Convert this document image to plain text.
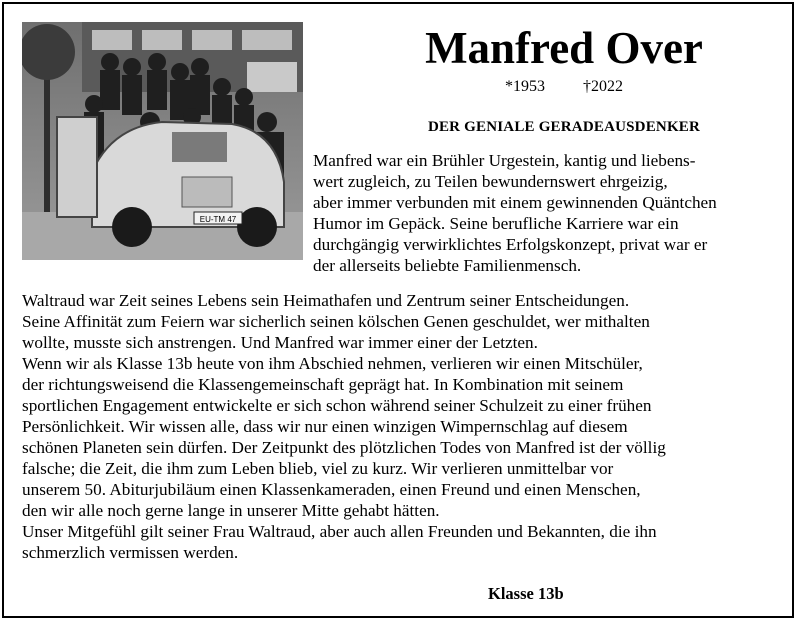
EU-TM 47
Manfred Over
*1953 †2022
DER GENIALE GERADEAUSDENKER
Manfred war ein Brühler Urgestein, kantig und liebens-
wert zugleich, zu Teilen bewundernswert ehrgeizig,
aber immer verbunden mit einem gewinnenden Quäntchen
Humor im Gepäck. Seine berufliche Karriere war ein
durchgängig verwirklichtes Erfolgskonzept, privat war er
der allerseits beliebte Familienmensch.
Waltraud war Zeit seines Lebens sein Heimathafen und Zentrum seiner Entscheidungen.
Seine Affinität zum Feiern war sicherlich seinen kölschen Genen geschuldet, wer mithalten
wollte, musste sich anstrengen. Und Manfred war immer einer der Letzten.
Wenn wir als Klasse 13b heute von ihm Abschied nehmen, verlieren wir einen Mitschüler,
der richtungsweisend die Klassengemeinschaft geprägt hat. In Kombination mit seinem
sportlichen Engagement entwickelte er sich schon während seiner Schulzeit zu einer frühen
Persönlichkeit. Wir wissen alle, dass wir nur einen winzigen Wimpernschlag auf diesem
schönen Planeten sein dürfen. Der Zeitpunkt des plötzlichen Todes von Manfred ist der völlig
falsche; die Zeit, die ihm zum Leben blieb, viel zu kurz. Wir verlieren unmittelbar vor
unserem 50. Abiturjubiläum einen Klassenkameraden, einen Freund und einen Menschen,
den wir alle noch gerne lange in unserer Mitte gehabt hätten.
Unser Mitgefühl gilt seiner Frau Waltraud, aber auch allen Freunden und Bekannten, die ihn
schmerzlich vermissen werden.
Klasse 13b
